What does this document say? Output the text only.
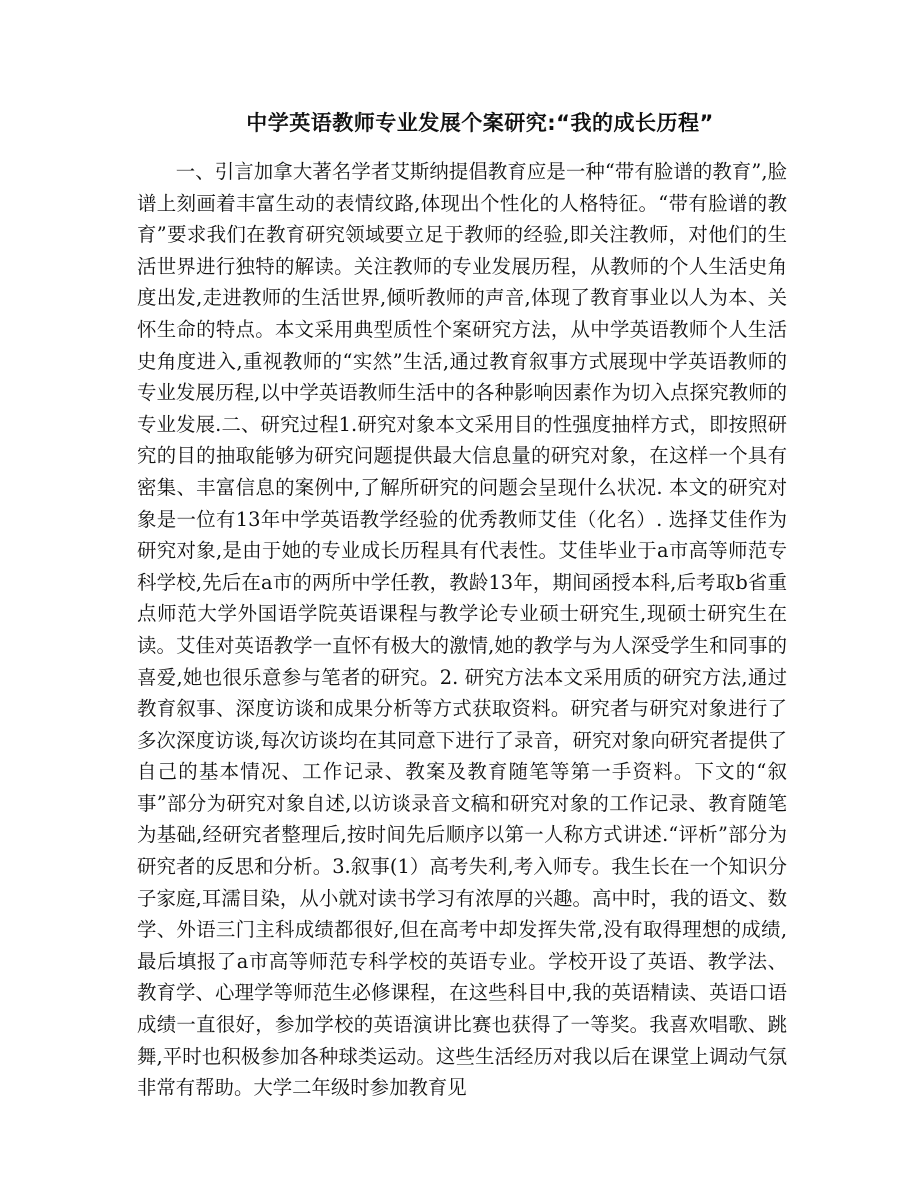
中学英语教师专业发展个案研究:“我的成长历程”

一、引言加拿大著名学者艾斯纳提倡教育应是一种“带有脸谱的教育”,脸谱上刻画着丰富生动的表情纹路,体现出个性化的人格特征。“带有脸谱的教育”要求我们在教育研究领域要立足于教师的经验,即关注教师，对他们的生活世界进行独特的解读。关注教师的专业发展历程，从教师的个人生活史角度出发,走进教师的生活世界,倾听教师的声音,体现了教育事业以人为本、关怀生命的特点。本文采用典型质性个案研究方法，从中学英语教师个人生活史角度进入,重视教师的“实然”生活,通过教育叙事方式展现中学英语教师的专业发展历程,以中学英语教师生活中的各种影响因素作为切入点探究教师的专业发展.二、研究过程1.研究对象本文采用目的性强度抽样方式，即按照研究的目的抽取能够为研究问题提供最大信息量的研究对象，在这样一个具有密集、丰富信息的案例中,了解所研究的问题会呈现什么状况. 本文的研究对象是一位有13年中学英语教学经验的优秀教师艾佳（化名）. 选择艾佳作为研究对象,是由于她的专业成长历程具有代表性。艾佳毕业于a市高等师范专科学校,先后在a市的两所中学任教，教龄13年，期间函授本科,后考取b省重点师范大学外国语学院英语课程与教学论专业硕士研究生,现硕士研究生在读。艾佳对英语教学一直怀有极大的激情,她的教学与为人深受学生和同事的喜爱,她也很乐意参与笔者的研究。2. 研究方法本文采用质的研究方法,通过教育叙事、深度访谈和成果分析等方式获取资料。研究者与研究对象进行了多次深度访谈,每次访谈均在其同意下进行了录音，研究对象向研究者提供了自己的基本情况、工作记录、教案及教育随笔等第一手资料。下文的“叙事”部分为研究对象自述,以访谈录音文稿和研究对象的工作记录、教育随笔为基础,经研究者整理后,按时间先后顺序以第一人称方式讲述.“评析”部分为研究者的反思和分析。3.叙事(1）高考失利,考入师专。我生长在一个知识分子家庭,耳濡目染，从小就对读书学习有浓厚的兴趣。高中时，我的语文、数学、外语三门主科成绩都很好,但在高考中却发挥失常,没有取得理想的成绩,最后填报了a市高等师范专科学校的英语专业。学校开设了英语、教学法、教育学、心理学等师范生必修课程，在这些科目中,我的英语精读、英语口语成绩一直很好，参加学校的英语演讲比赛也获得了一等奖。我喜欢唱歌、跳舞,平时也积极参加各种球类运动。这些生活经历对我以后在课堂上调动气氛非常有帮助。大学二年级时参加教育见
